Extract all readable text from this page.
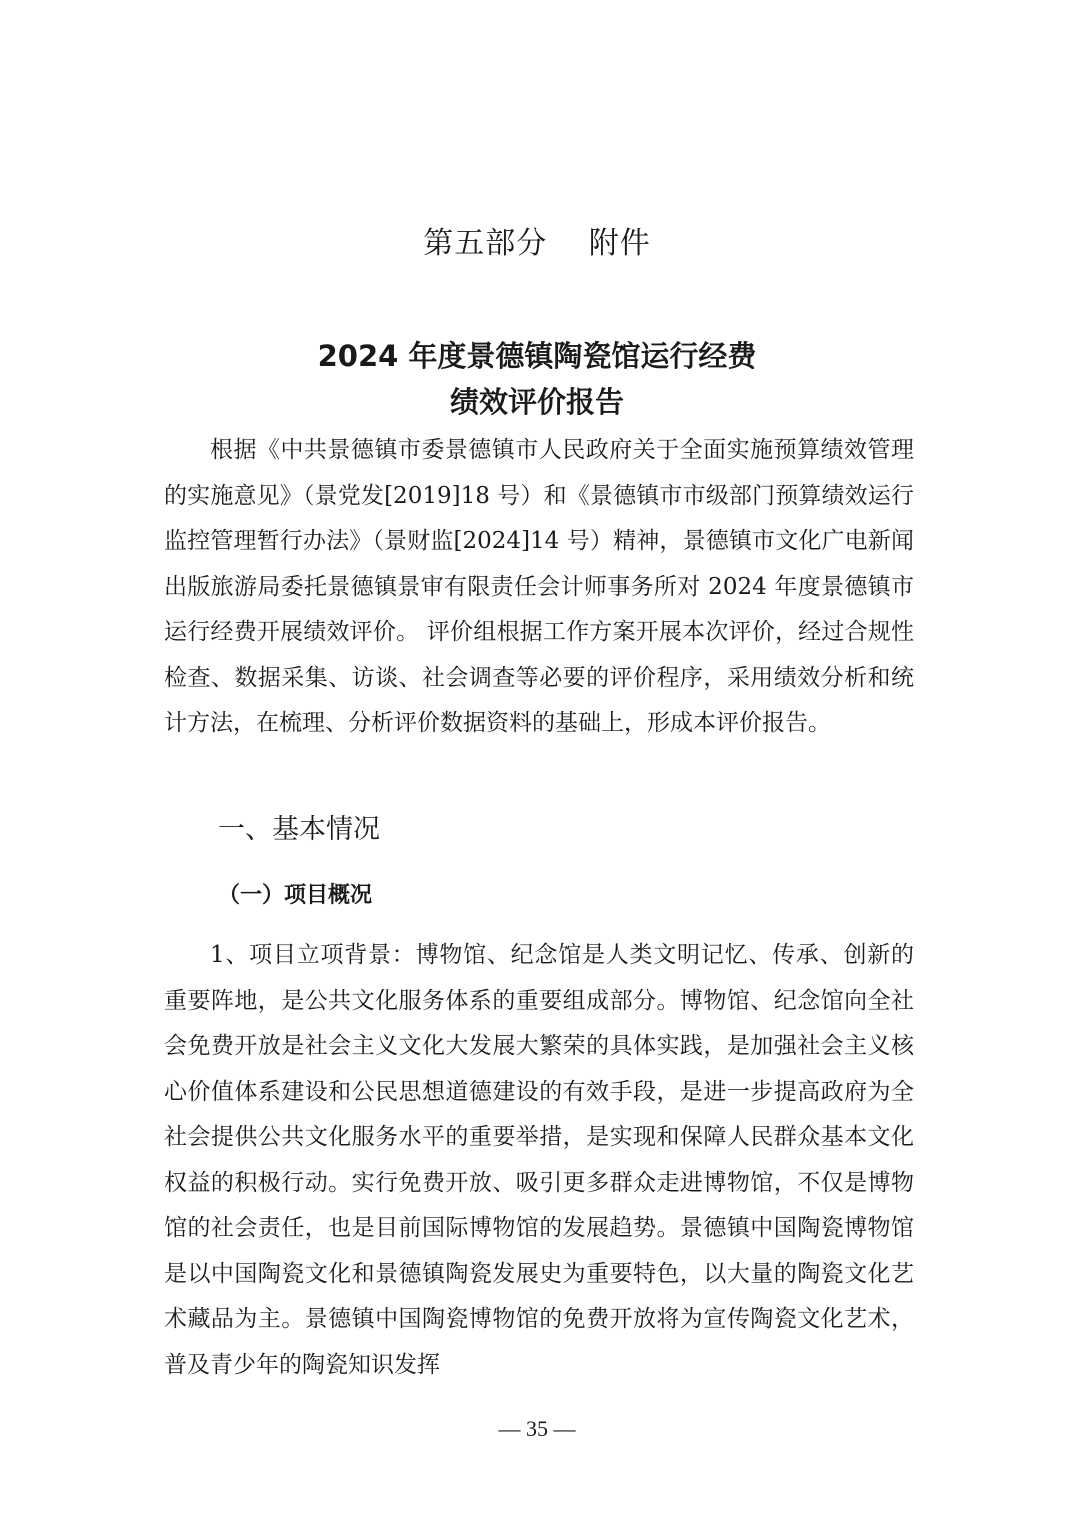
第五部分　 附件
2024 年度景德镇陶瓷馆运行经费
绩效评价报告

根据《中共景德镇市委景德镇市人民政府关于全面实施预算绩效管理的实施意见》（景党发[2019]18 号）和《景德镇市市级部门预算绩效运行监控管理暂行办法》（景财监[2024]14 号）精神，景德镇市文化广电新闻出版旅游局委托景德镇景审有限责任会计师事务所对 2024 年度景德镇市运行经费开展绩效评价。 评价组根据工作方案开展本次评价，经过合规性检查、数据采集、访谈、社会调查等必要的评价程序，采用绩效分析和统计方法，在梳理、分析评价数据资料的基础上，形成本评价报告。

一、基本情况
（一）项目概况

1、项目立项背景：博物馆、纪念馆是人类文明记忆、传承、创新的重要阵地，是公共文化服务体系的重要组成部分。博物馆、纪念馆向全社会免费开放是社会主义文化大发展大繁荣的具体实践，是加强社会主义核心价值体系建设和公民思想道德建设的有效手段，是进一步提高政府为全社会提供公共文化服务水平的重要举措，是实现和保障人民群众基本文化权益的积极行动。实行免费开放、吸引更多群众走进博物馆，不仅是博物馆的社会责任，也是目前国际博物馆的发展趋势。景德镇中国陶瓷博物馆是以中国陶瓷文化和景德镇陶瓷发展史为重要特色，以大量的陶瓷文化艺术藏品为主。景德镇中国陶瓷博物馆的免费开放将为宣传陶瓷文化艺术，普及青少年的陶瓷知识发挥

— 35 —
